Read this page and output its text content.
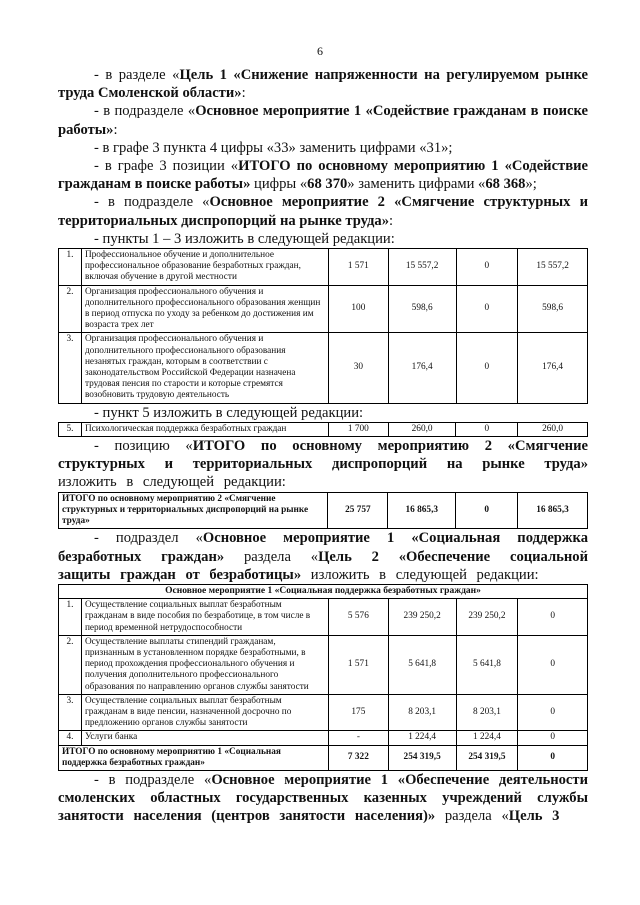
6

- в разделе «Цель 1 «Снижение напряженности на регулируемом рынке труда Смоленской области»:

- в подразделе «Основное мероприятие 1 «Содействие гражданам в поиске работы»:

- в графе 3 пункта 4 цифры «33» заменить цифрами «31»;

- в графе 3 позиции «ИТОГО по основному мероприятию 1 «Содействие гражданам в поиске работы» цифры «68 370» заменить цифрами «68 368»;

- в подразделе «Основное мероприятие 2 «Смягчение структурных и территориальных диспропорций на рынке труда»:

- пункты 1 – 3 изложить в следующей редакции:

1.	Профессиональное обучение и дополнительное профессиональное образование безработных граждан, включая обучение в другой местности	1 571	15 557,2	0	15 557,2
2.	Организация профессионального обучения и дополнительного профессионального образования женщин в период отпуска по уходу за ребенком до достижения им возраста трех лет	100	598,6	0	598,6
3.	Организация профессионального обучения и дополнительного профессионального образования незанятых граждан, которым в соответствии с законодательством Российской Федерации назначена трудовая пенсия по старости и которые стремятся возобновить трудовую деятельность	30	176,4	0	176,4

- пункт 5 изложить в следующей редакции:

5.	Психологическая поддержка безработных граждан	1 700	260,0	0	260,0

- позицию «ИТОГО по основному мероприятию 2 «Смягчение структурных и территориальных диспропорций на рынке труда» изложить в следующей редакции:

ИТОГО по основному мероприятию 2 «Смягчение структурных и территориальных диспропорций на рынке труда»	25 757	16 865,3	0	16 865,3

- подраздел «Основное мероприятие 1 «Социальная поддержка безработных граждан» раздела «Цель 2 «Обеспечение социальной защиты граждан от безработицы» изложить в следующей редакции:

Основное мероприятие 1 «Социальная поддержка безработных граждан»					
1.	Осуществление социальных выплат безработным гражданам в виде пособия по безработице, в том числе в период временной нетрудоспособности	5 576	239 250,2	239 250,2	0
2.	Осуществление выплаты стипендий гражданам, признанным в установленном порядке безработными, в период прохождения профессионального обучения и получения дополнительного профессионального образования по направлению органов службы занятости	1 571	5 641,8	5 641,8	0
3.	Осуществление социальных выплат безработным гражданам в виде пенсии, назначенной досрочно по предложению органов службы занятости	175	8 203,1	8 203,1	0
4.	Услуги банка	-	1 224,4	1 224,4	0
ИТОГО по основному мероприятию 1 «Социальная поддержка безработных граждан»		7 322	254 319,5	254 319,5	0

- в подразделе «Основное мероприятие 1 «Обеспечение деятельности смоленских областных государственных казенных учреждений службы занятости населения (центров занятости населения)» раздела «Цель 3
